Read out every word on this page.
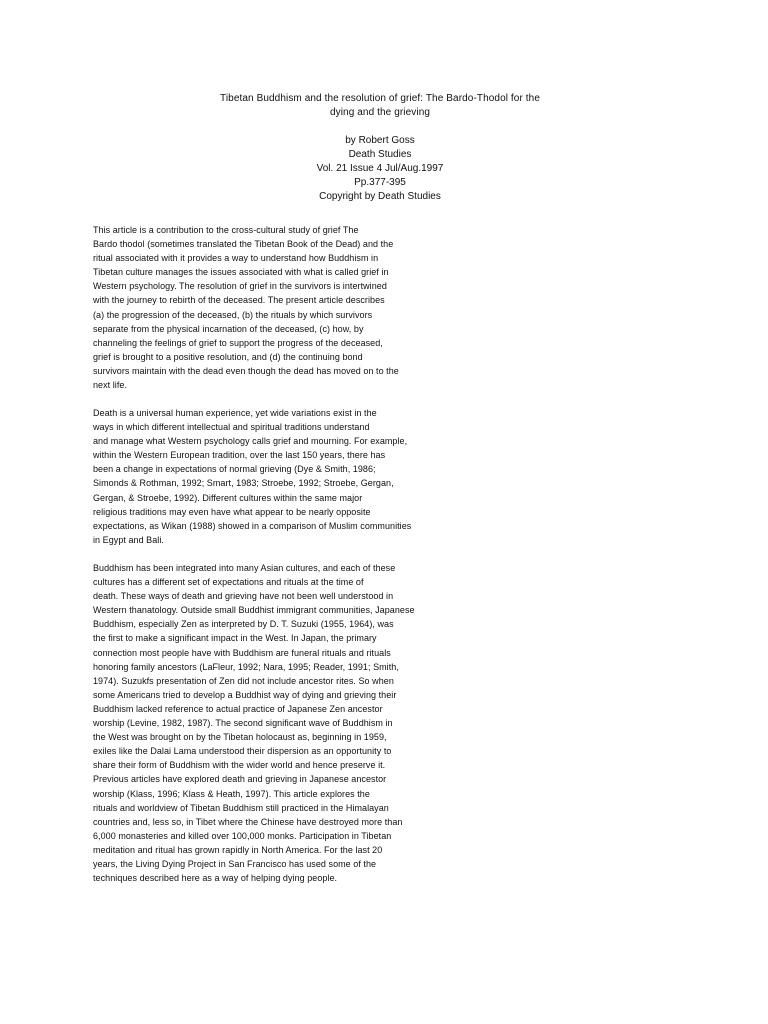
Tibetan Buddhism and the resolution of grief: The Bardo-Thodol for the
dying and the grieving
by Robert Goss
Death Studies
Vol. 21 Issue 4 Jul/Aug.1997
Pp.377-395
Copyright by Death Studies
This article is a contribution to the cross-cultural study of grief The
Bardo thodol (sometimes translated the Tibetan Book of the Dead) and the
ritual associated with it provides a way to understand how Buddhism in
Tibetan culture manages the issues associated with what is called grief in
Western psychology. The resolution of grief in the survivors is intertwined
with the journey to rebirth of the deceased. The present article describes
(a) the progression of the deceased, (b) the rituals by which survivors
separate from the physical incarnation of the deceased, (c) how, by
channeling the feelings of grief to support the progress of the deceased,
grief is brought to a positive resolution, and (d) the continuing bond
survivors maintain with the dead even though the dead has moved on to the
next life.
Death is a universal human experience, yet wide variations exist in the
ways in which different intellectual and spiritual traditions understand
and manage what Western psychology calls grief and mourning. For example,
within the Western European tradition, over the last 150 years, there has
been a change in expectations of normal grieving (Dye & Smith, 1986;
Simonds & Rothman, 1992; Smart, 1983; Stroebe, 1992; Stroebe, Gergan,
Gergan, & Stroebe, 1992). Different cultures within the same major
religious traditions may even have what appear to be nearly opposite
expectations, as Wikan (1988) showed in a comparison of Muslim communities
in Egypt and Bali.
Buddhism has been integrated into many Asian cultures, and each of these
cultures has a different set of expectations and rituals at the time of
death. These ways of death and grieving have not been well understood in
Western thanatology. Outside small Buddhist immigrant communities, Japanese
Buddhism, especially Zen as interpreted by D. T. Suzuki (1955, 1964), was
the first to make a significant impact in the West. In Japan, the primary
connection most people have with Buddhism are funeral rituals and rituals
honoring family ancestors (LaFleur, 1992; Nara, 1995; Reader, 1991; Smith,
1974). Suzukfs presentation of Zen did not include ancestor rites. So when
some Americans tried to develop a Buddhist way of dying and grieving their
Buddhism lacked reference to actual practice of Japanese Zen ancestor
worship (Levine, 1982, 1987). The second significant wave of Buddhism in
the West was brought on by the Tibetan holocaust as, beginning in 1959,
exiles like the Dalai Lama understood their dispersion as an opportunity to
share their form of Buddhism with the wider world and hence preserve it.
Previous articles have explored death and grieving in Japanese ancestor
worship (Klass, 1996; Klass & Heath, 1997). This article explores the
rituals and worldview of Tibetan Buddhism still practiced in the Himalayan
countries and, less so, in Tibet where the Chinese have destroyed more than
6,000 monasteries and killed over 100,000 monks. Participation in Tibetan
meditation and ritual has grown rapidly in North America. For the last 20
years, the Living Dying Project in San Francisco has used some of the
techniques described here as a way of helping dying people.
